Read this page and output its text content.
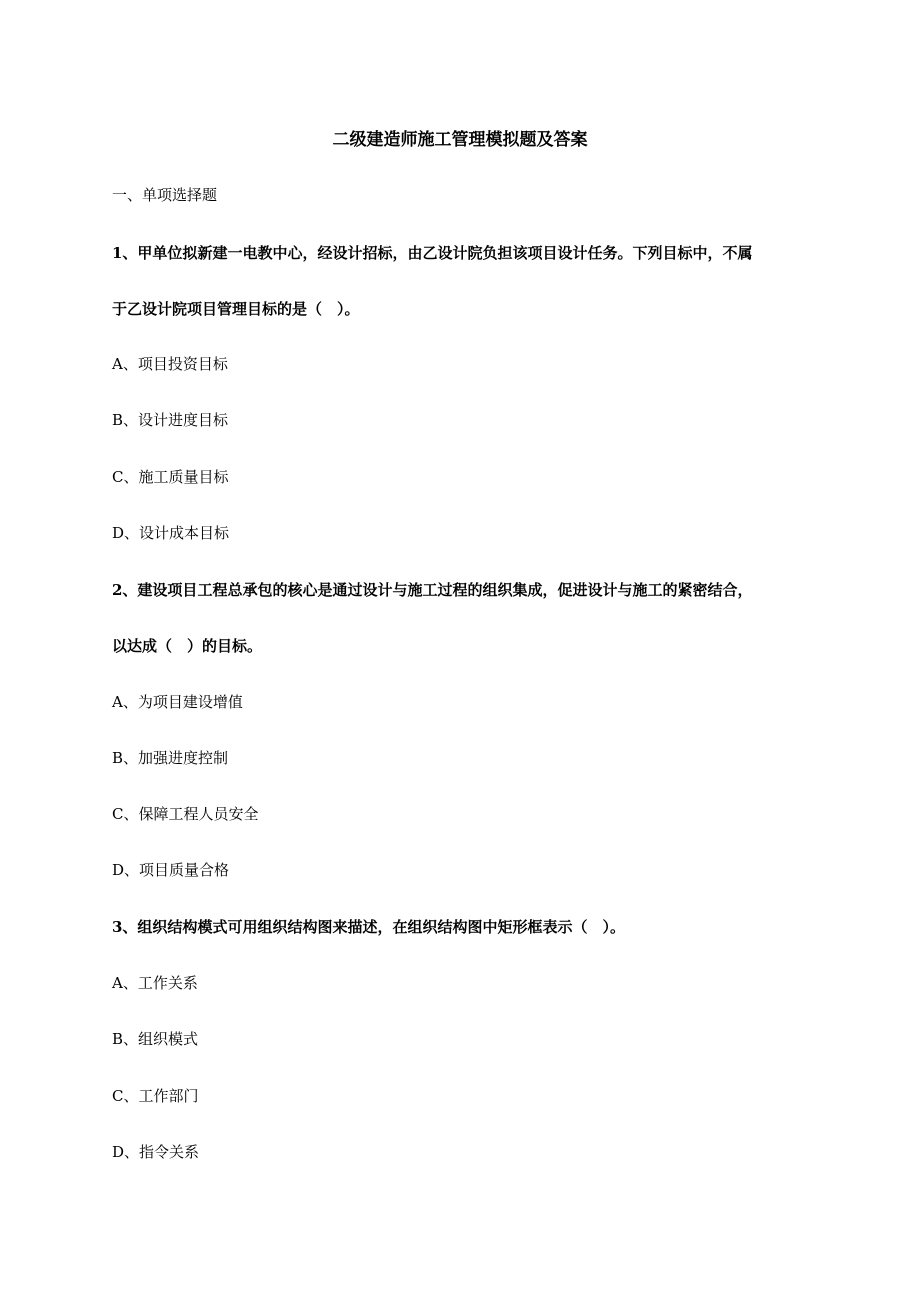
二级建造师施工管理模拟题及答案
一、单项选择题
1、甲单位拟新建一电教中心，经设计招标，由乙设计院负担该项目设计任务。下列目标中，不属
于乙设计院项目管理目标的是（　）。
A、项目投资目标
B、设计进度目标
C、施工质量目标
D、设计成本目标
2、建设项目工程总承包的核心是通过设计与施工过程的组织集成，促进设计与施工的紧密结合，
以达成（　）的目标。
A、为项目建设增值
B、加强进度控制
C、保障工程人员安全
D、项目质量合格
3、组织结构模式可用组织结构图来描述，在组织结构图中矩形框表示（　）。
A、工作关系
B、组织模式
C、工作部门
D、指令关系
